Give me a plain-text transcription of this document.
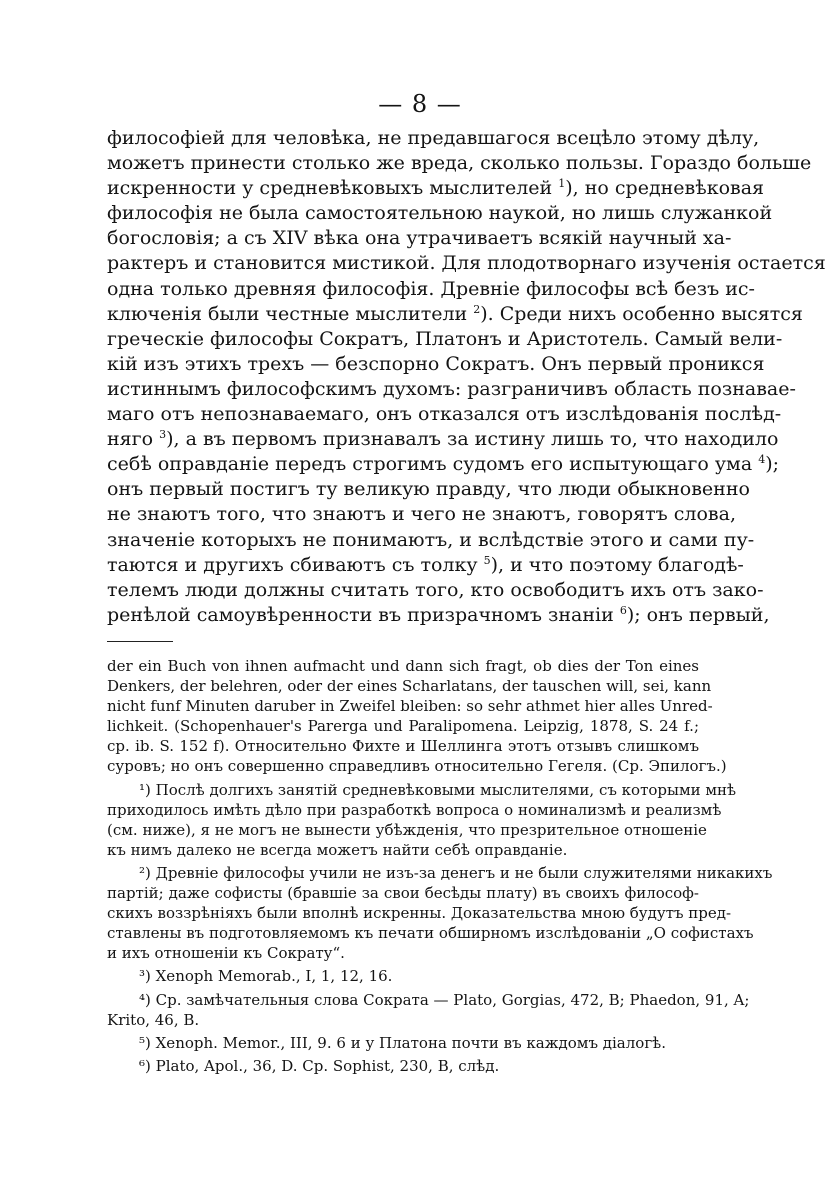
— 8 —
философіей для человѣка, не предавшагося всецѣло этому дѣлу,
можетъ принести столько же вреда, сколько пользы. Гораздо больше
искренности у средневѣковыхъ мыслителей $^1$), но средневѣковая
философія не была самостоятельною наукой, но лишь служанкой
богословія; а съ XIV вѣка она утрачиваетъ всякій научный ха-
рактеръ и становится мистикой. Для плодотворнаго изученія остается
одна только древняя философія. Древніе философы всѣ безъ ис-
ключенія были честные мыслители $^2$). Среди нихъ особенно высятся
греческіе философы Сократъ, Платонъ и Аристотель. Самый вели-
кій изъ этихъ трехъ — безспорно Сократъ. Онъ первый проникся
истиннымъ философскимъ духомъ: разграничивъ область познавае-
маго отъ непознаваемаго, онъ отказался отъ изслѣдованія послѣд-
няго $^3$), а въ первомъ признавалъ за истину лишь то, что находило
себѣ оправданіе передъ строгимъ судомъ его испытующаго ума $^4$);
онъ первый постигъ ту великую правду, что люди обыкновенно
не знаютъ того, что знаютъ и чего не знаютъ, говорятъ слова,
значеніе которыхъ не понимаютъ, и вслѣдствіе этого и сами пу-
таются и другихъ сбиваютъ съ толку $^5$), и что поэтому благодѣ-
телемъ люди должны считать того, кто освободитъ ихъ отъ зако-
ренѣлой самоувѣренности въ призрачномъ знаніи $^6$); онъ первый,
der ein Buch von ihnen aufmacht und dann sich fragt, ob dies der Ton eines
Denkers, der belehren, oder der eines Scharlatans, der tauschen will, sei, kann
nicht funf Minuten daruber in Zweifel bleiben: so sehr athmet hier alles Unred-
lichkeit. (Schopenhauer's Parerga und Paralipomena. Leipzig, 1878, S. 24 f.;
cp. ib. S. 152 f). Относительно Фихте и Шеллинга этотъ отзывъ слишкомъ
суровъ; но онъ совершенно справедливъ относительно Гегеля. (Ср. Эпилогъ.)
¹) Послѣ долгихъ занятій средневѣковыми мыслителями, съ которыми мнѣ
приходилось имѣть дѣло при разработкѣ вопроса о номинализмѣ и реализмѣ
(см. ниже), я не могъ не вынести убѣжденія, что презрительное отношеніе
къ нимъ далеко не всегда можетъ найти себѣ оправданіе.
²) Древніе философы учили не изъ-за денегъ и не были служителями никакихъ
партій; даже софисты (бравшіе за свои бесѣды плату) въ своихъ философ-
скихъ воззрѣніяхъ были вполнѣ искренны. Доказательства мною будутъ пред-
ставлены въ подготовляемомъ къ печати обширномъ изслѣдованіи „О софистахъ
и ихъ отношеніи къ Сократу“.
³) Xenoph Memorab., I, 1, 12, 16.
⁴) Ср. замѣчательныя слова Сократа — Plato, Gorgias, 472, B; Phaedon, 91, A;
Krito, 46, B.
⁵) Xenoph. Memor., III, 9. 6 и у Платона почти въ каждомъ діалогѣ.
⁶) Plato, Apol., 36, D. Cp. Sophist, 230, B, слѣд.
